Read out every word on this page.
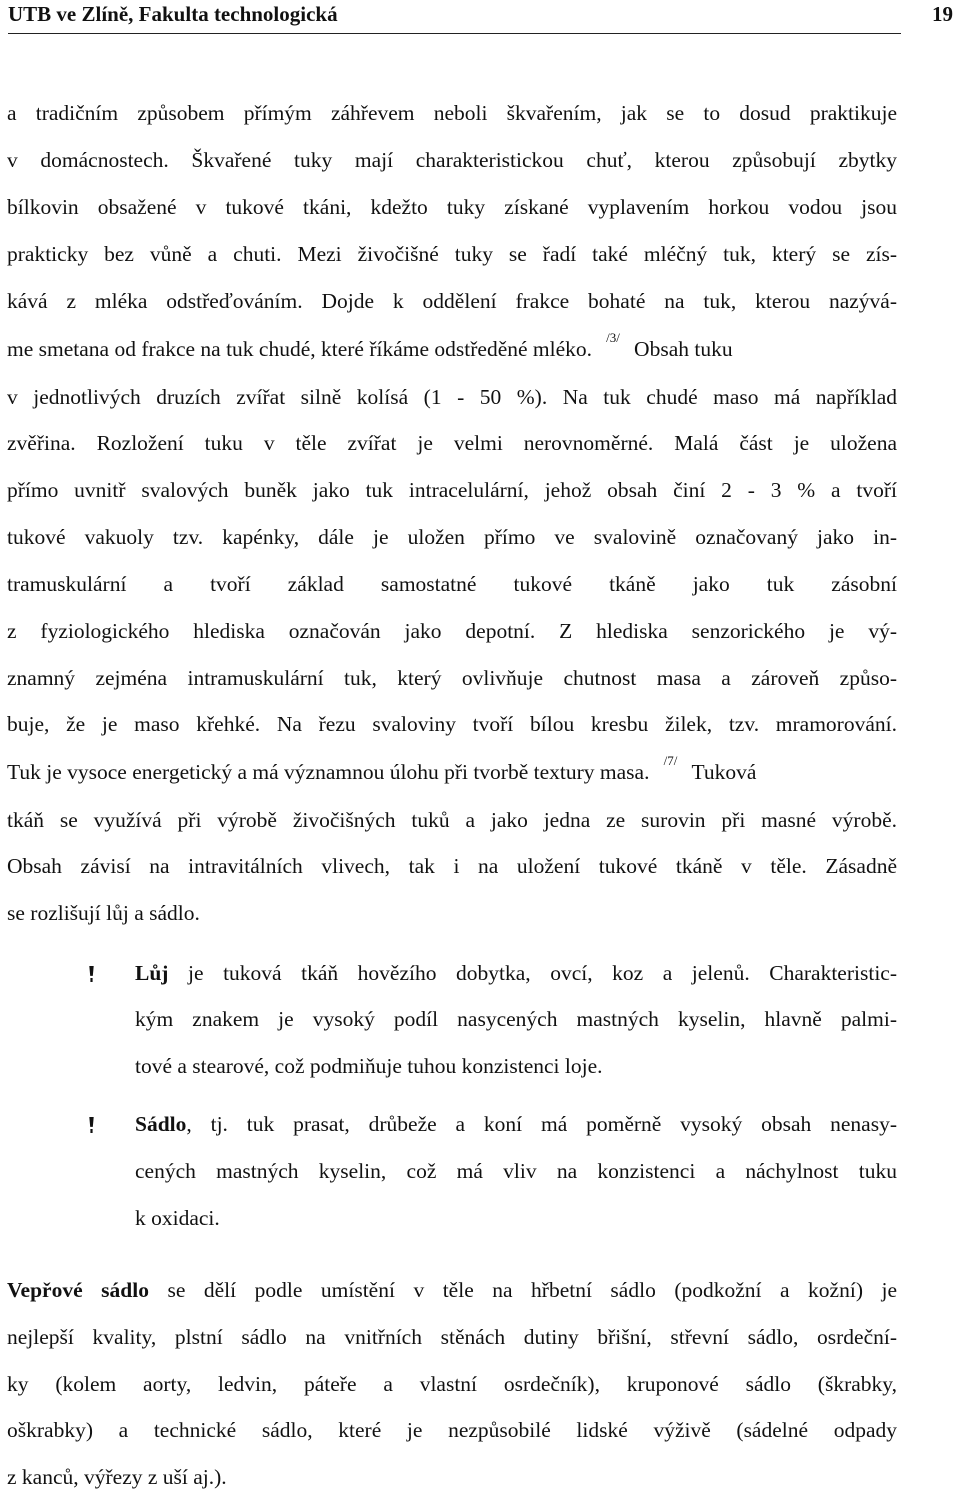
UTB ve Zlíně, Fakulta technologická	19
a tradičním způsobem přímým záhřevem neboli škvařením, jak se to dosud praktikuje
v domácnostech. Škvařené tuky mají charakteristickou chuť, kterou způsobují zbytky
bílkovin obsažené v tukové tkáni, kdežto tuky získané vyplavením horkou vodou jsou
prakticky bez vůně a chuti. Mezi živočišné tuky se řadí také mléčný tuk, který se zís-
kává z mléka odstřeďováním. Dojde k oddělení frakce bohaté na tuk, kterou nazývá-
me smetana od frakce na tuk chudé, které říkáme odstředěné mléko. /3/ Obsah tuku
v jednotlivých druzích zvířat silně kolísá (1 - 50 %). Na tuk chudé maso má například
zvěřina. Rozložení tuku v těle zvířat je velmi nerovnoměrné. Malá část je uložena
přímo uvnitř svalových buněk jako tuk intracelulární, jehož obsah činí 2 - 3 % a tvoří
tukové vakuoly tzv. kapénky, dále je uložen přímo ve svalovině označovaný jako in-
tramuskulární a tvoří základ samostatné tukové tkáně jako tuk zásobní
z fyziologického hlediska označován jako depotní. Z hlediska senzorického je vý-
znamný zejména intramuskulární tuk, který ovlivňuje chutnost masa a zároveň způso-
buje, že je maso křehké. Na řezu svaloviny tvoří bílou kresbu žilek, tzv. mramorování.
Tuk je vysoce energetický a má významnou úlohu při tvorbě textury masa. /7/ Tuková
tkáň se využívá při výrobě živočišných tuků a jako jedna ze surovin při masné výrobě.
Obsah závisí na intravitálních vlivech, tak i na uložení tukové tkáně v těle. Zásadně
se rozlišují lůj a sádlo.
Lůj je tuková tkáň hovězího dobytka, ovcí, koz a jelenů. Charakteristic-
kým znakem je vysoký podíl nasycených mastných kyselin, hlavně palmi-
tové a stearové, což podmiňuje tuhou konzistenci loje.
Sádlo, tj. tuk prasat, drůbeže a koní má poměrně vysoký obsah nenasy-
cených mastných kyselin, což má vliv na konzistenci a náchylnost tuku
k oxidaci.
Vepřové sádlo se dělí podle umístění v těle na hřbetní sádlo (podkožní a kožní) je
nejlepší kvality, plstní sádlo na vnitřních stěnách dutiny břišní, střevní sádlo, osrdeční-
ky (kolem aorty, ledvin, páteře a vlastní osrdečník), kruponové sádlo (škrabky,
oškrabky) a technické sádlo, které je nezpůsobilé lidské výživě (sádelné odpady
z kanců, výřezy z uší aj.).
